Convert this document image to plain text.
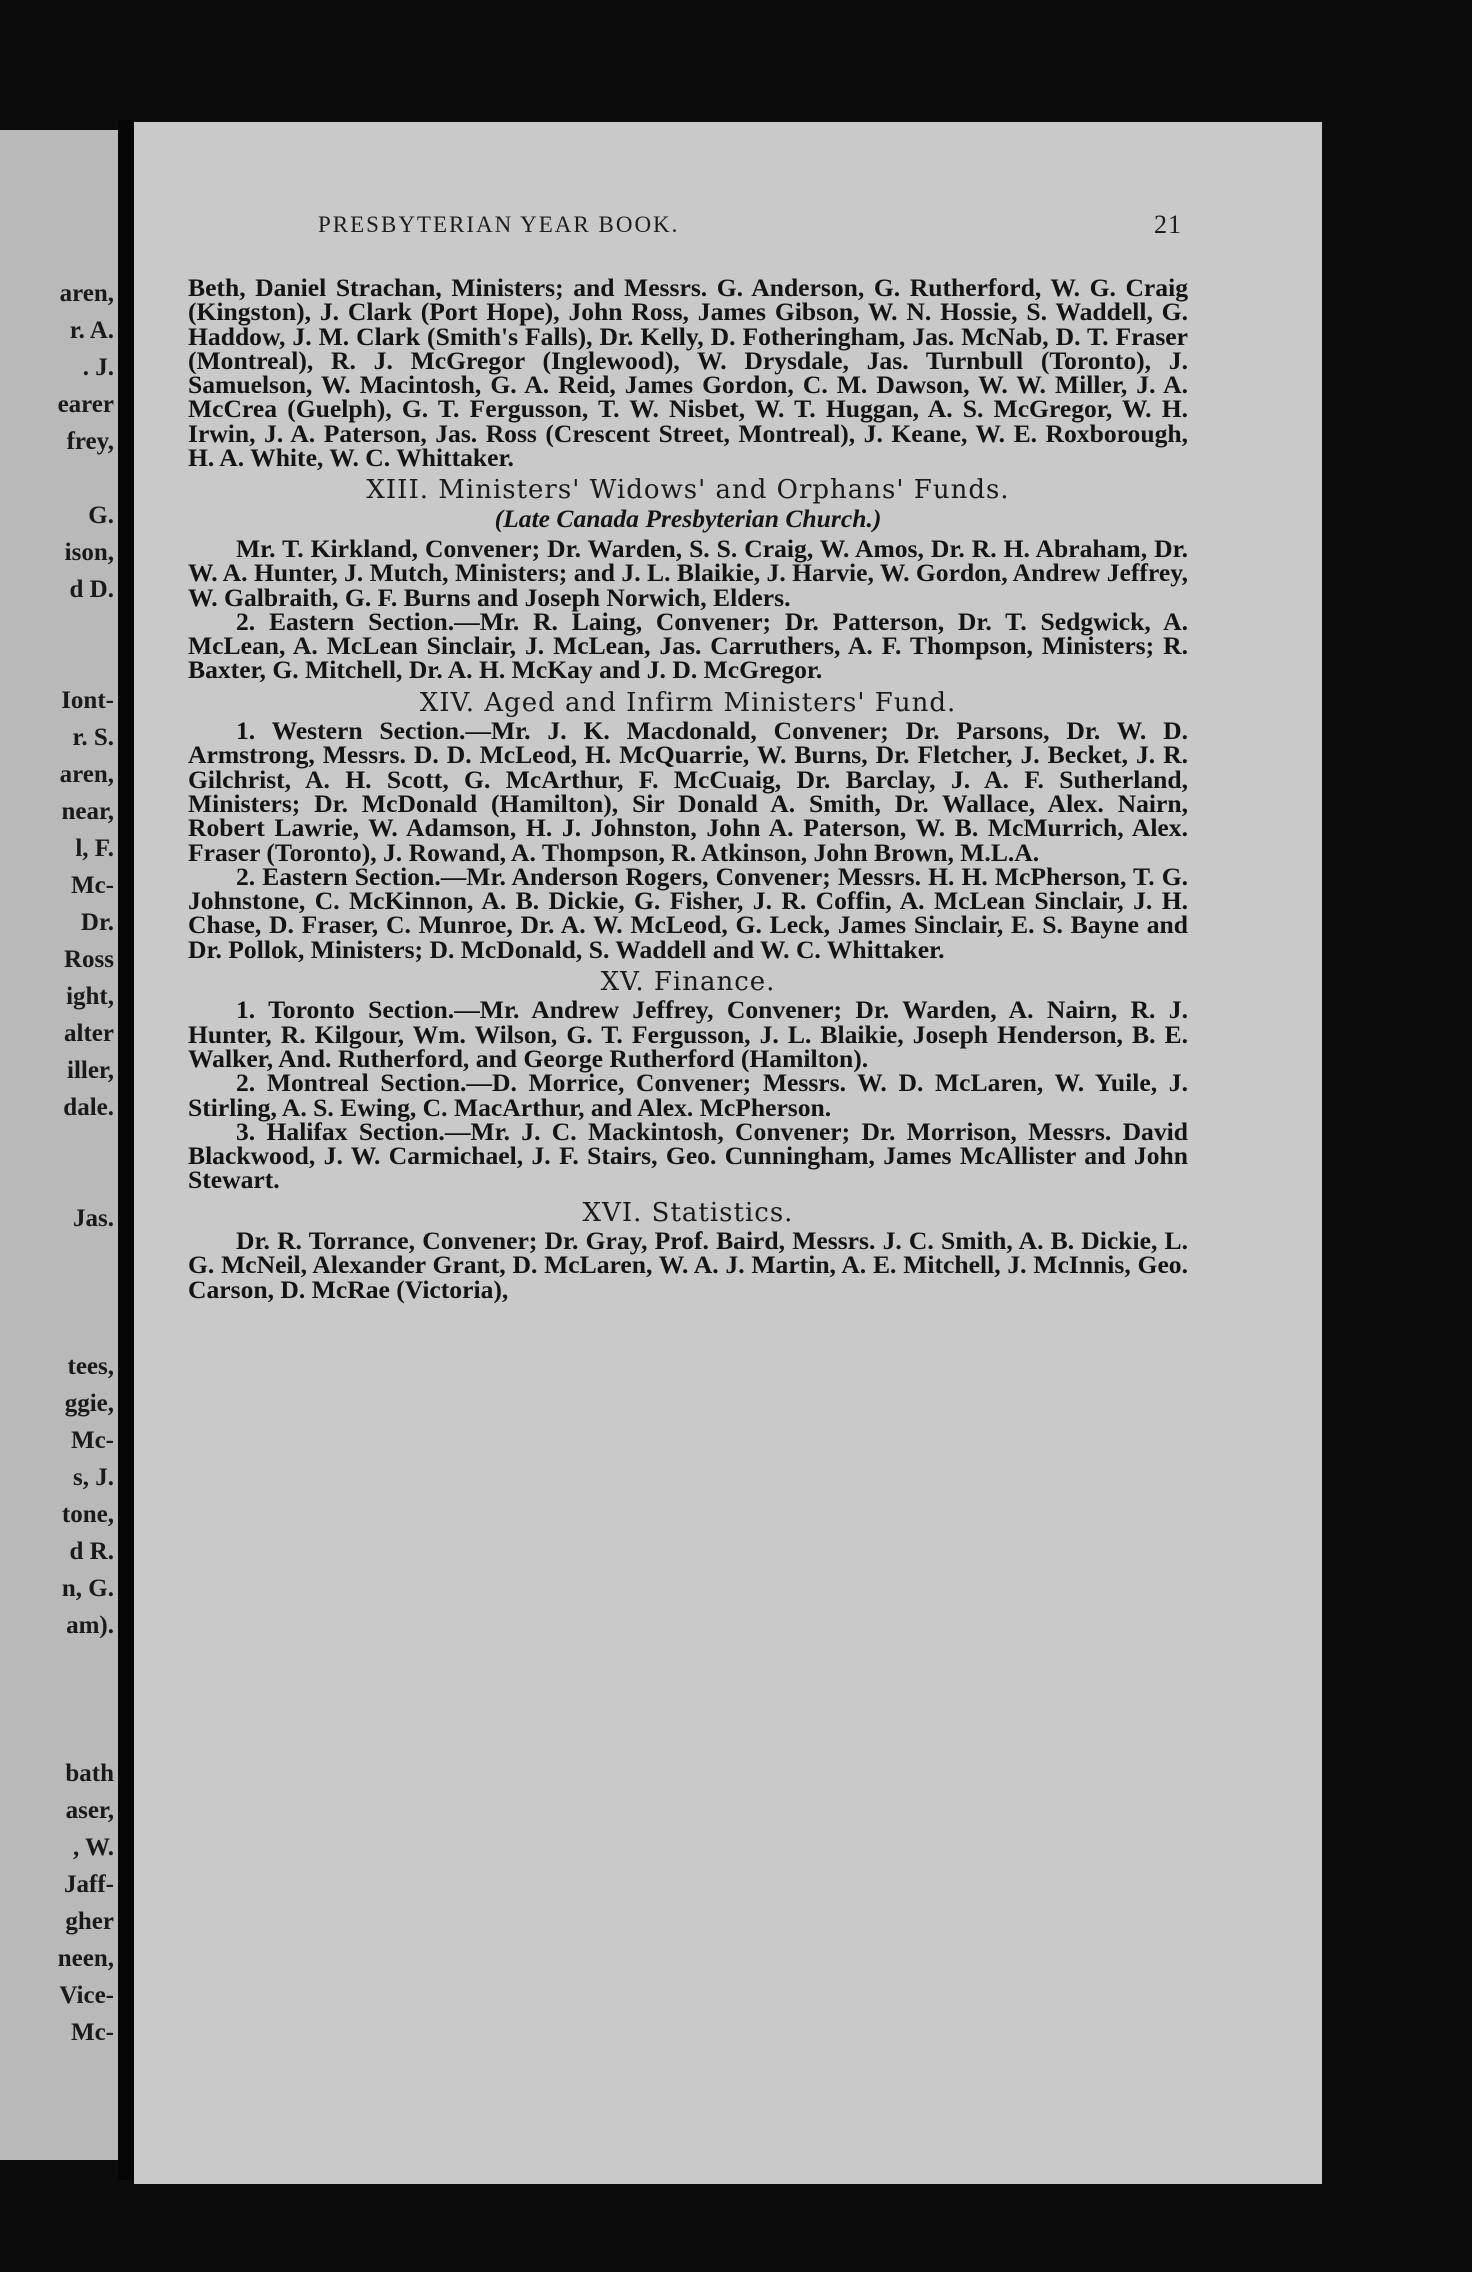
aren,
r. A.
. J.
earer
frey,
G.
ison,
d D.
Iont-
r. S.
aren,
near,
l, F.
Mc-
Dr.
Ross
ight,
alter
iller,
dale.
Jas.
tees,
ggie,
Mc-
s, J.
tone,
d R.
n, G.
am).
bath
aser,
, W.
Jaff-
gher
neen,
Vice-
Mc-
PRESBYTERIAN YEAR BOOK.	21

Beth, Daniel Strachan, Ministers; and Messrs. G. Anderson, G. Rutherford, W. G. Craig (Kingston), J. Clark (Port Hope), John Ross, James Gibson, W. N. Hossie, S. Waddell, G. Haddow, J. M. Clark (Smith's Falls), Dr. Kelly, D. Fotheringham, Jas. McNab, D. T. Fraser (Montreal), R. J. McGregor (Inglewood), W. Drysdale, Jas. Turnbull (Toronto), J. Samuelson, W. Macintosh, G. A. Reid, James Gordon, C. M. Dawson, W. W. Miller, J. A. McCrea (Guelph), G. T. Fergusson, T. W. Nisbet, W. T. Huggan, A. S. McGregor, W. H. Irwin, J. A. Paterson, Jas. Ross (Crescent Street, Montreal), J. Keane, W. E. Roxborough, H. A. White, W. C. Whittaker.

XIII. Ministers' Widows' and Orphans' Funds.
(Late Canada Presbyterian Church.)

Mr. T. Kirkland, Convener; Dr. Warden, S. S. Craig, W. Amos, Dr. R. H. Abraham, Dr. W. A. Hunter, J. Mutch, Ministers; and J. L. Blaikie, J. Harvie, W. Gordon, Andrew Jeffrey, W. Galbraith, G. F. Burns and Joseph Norwich, Elders.

2. Eastern Section.—Mr. R. Laing, Convener; Dr. Patterson, Dr. T. Sedgwick, A. McLean, A. McLean Sinclair, J. McLean, Jas. Carruthers, A. F. Thompson, Ministers; R. Baxter, G. Mitchell, Dr. A. H. McKay and J. D. McGregor.

XIV. Aged and Infirm Ministers' Fund.

1. Western Section.—Mr. J. K. Macdonald, Convener; Dr. Parsons, Dr. W. D. Armstrong, Messrs. D. D. McLeod, H. McQuarrie, W. Burns, Dr. Fletcher, J. Becket, J. R. Gilchrist, A. H. Scott, G. McArthur, F. McCuaig, Dr. Barclay, J. A. F. Sutherland, Ministers; Dr. McDonald (Hamilton), Sir Donald A. Smith, Dr. Wallace, Alex. Nairn, Robert Lawrie, W. Adamson, H. J. Johnston, John A. Paterson, W. B. McMurrich, Alex. Fraser (Toronto), J. Rowand, A. Thompson, R. Atkinson, John Brown, M.L.A.

2. Eastern Section.—Mr. Anderson Rogers, Convener; Messrs. H. H. McPherson, T. G. Johnstone, C. McKinnon, A. B. Dickie, G. Fisher, J. R. Coffin, A. McLean Sinclair, J. H. Chase, D. Fraser, C. Munroe, Dr. A. W. McLeod, G. Leck, James Sinclair, E. S. Bayne and Dr. Pollok, Ministers; D. McDonald, S. Waddell and W. C. Whittaker.

XV. Finance.

1. Toronto Section.—Mr. Andrew Jeffrey, Convener; Dr. Warden, A. Nairn, R. J. Hunter, R. Kilgour, Wm. Wilson, G. T. Fergusson, J. L. Blaikie, Joseph Henderson, B. E. Walker, And. Rutherford, and George Rutherford (Hamilton).

2. Montreal Section.—D. Morrice, Convener; Messrs. W. D. McLaren, W. Yuile, J. Stirling, A. S. Ewing, C. MacArthur, and Alex. McPherson.

3. Halifax Section.—Mr. J. C. Mackintosh, Convener; Dr. Morrison, Messrs. David Blackwood, J. W. Carmichael, J. F. Stairs, Geo. Cunningham, James McAllister and John Stewart.

XVI. Statistics.

Dr. R. Torrance, Convener; Dr. Gray, Prof. Baird, Messrs. J. C. Smith, A. B. Dickie, L. G. McNeil, Alexander Grant, D. McLaren, W. A. J. Martin, A. E. Mitchell, J. McInnis, Geo. Carson, D. McRae (Victoria),
